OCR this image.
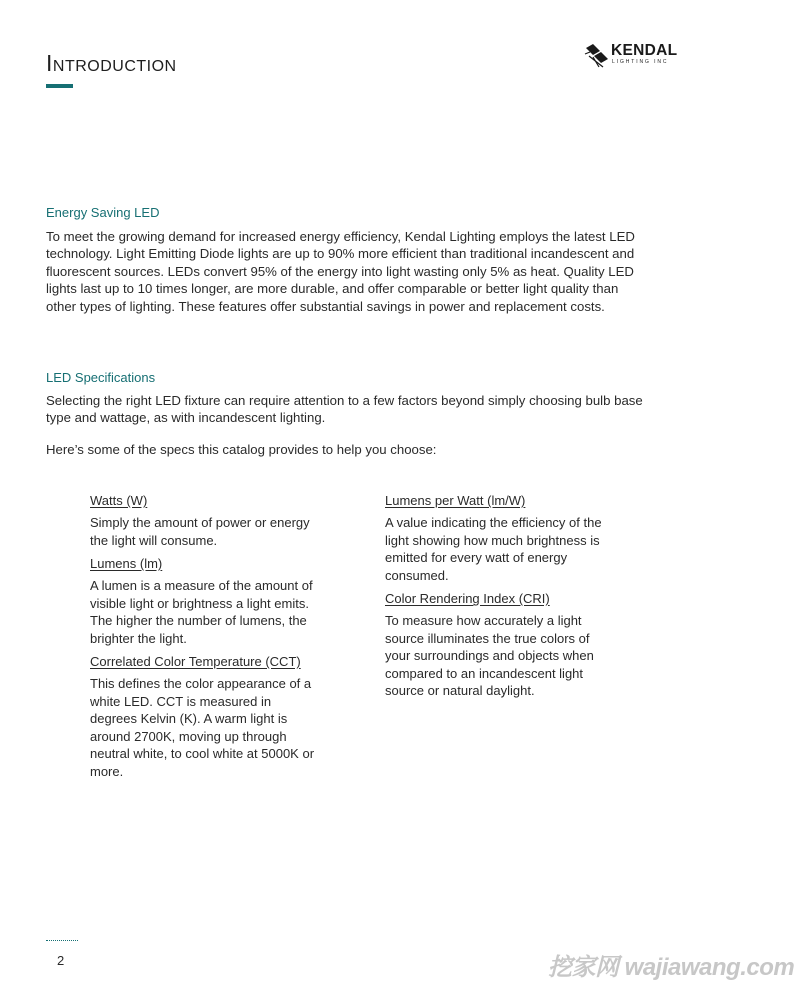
Introduction	KENDAL
LIGHTING INC
Energy Saving LED

To meet the growing demand for increased energy efficiency, Kendal Lighting employs the latest LED technology. Light Emitting Diode lights are up to 90% more efficient than traditional incandescent and fluorescent sources. LEDs convert 95% of the energy into light wasting only 5% as heat. Quality LED lights last up to 10 times longer, are more durable, and offer comparable or better light quality than other types of lighting. These features offer substantial savings in power and replacement costs.

LED Specifications

Selecting the right LED fixture can require attention to a few factors beyond simply choosing bulb base type and wattage, as with incandescent lighting.

Here’s some of the specs this catalog provides to help you choose:

Watts (W)

Simply the amount of power or energy the light will consume.

Lumens (lm)

A lumen is a measure of the amount of visible light or brightness a light emits. The higher the number of lumens, the brighter the light.

Correlated Color Temperature (CCT)

This defines the color appearance of a white LED. CCT is measured in degrees Kelvin (K). A warm light is around 2700K, moving up through neutral white, to cool white at 5000K or more.

Lumens per Watt (lm/W)

A value indicating the efficiency of the light showing how much brightness is emitted for every watt of energy consumed.

Color Rendering Index (CRI)

To measure how accurately a light source illuminates the true colors of your surroundings and objects when compared to an incandescent light source or natural daylight.

2	挖家网 wajiawang.com
